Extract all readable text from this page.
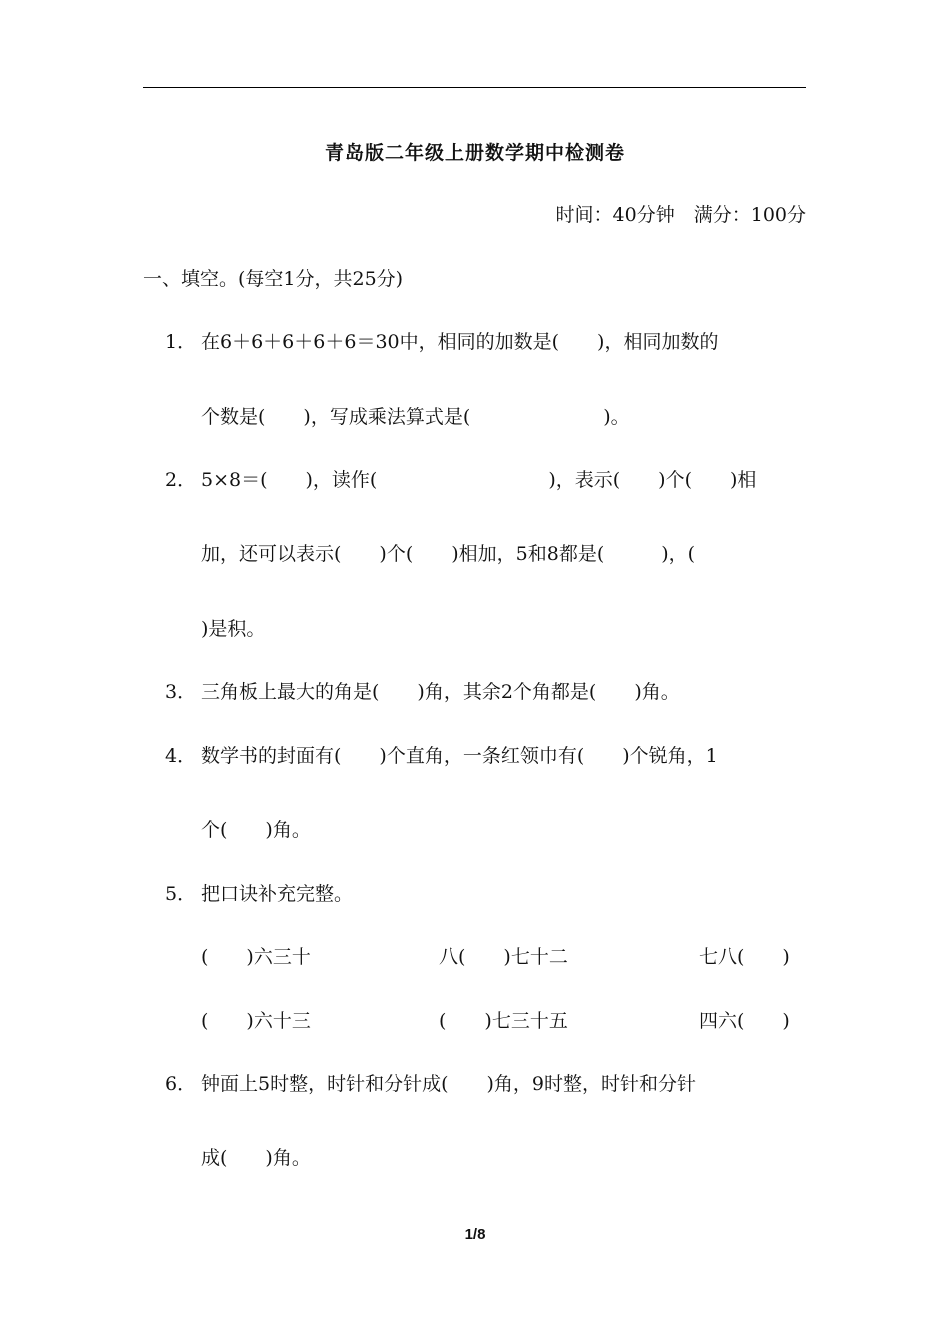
青岛版二年级上册数学期中检测卷
时间：40分钟　满分：100分
一、填空。(每空1分，共25分)
1． 在6＋6＋6＋6＋6＝30中，相同的加数是(　　)，相同加数的
个数是(　　)，写成乘法算式是(　　　　　　　)。
2． 5×8＝(　　)，读作(　　　　　　　　　)，表示(　　)个(　　)相
加，还可以表示(　　)个(　　)相加，5和8都是(　　　)，(
)是积。
3． 三角板上最大的角是(　　)角，其余2个角都是(　　)角。
4． 数学书的封面有(　　)个直角，一条红领巾有(　　)个锐角，1
个(　　)角。
5． 把口诀补充完整。
(　　)六三十	八(　　)七十二	七八(　　)
(　　)六十三	(　　)七三十五	四六(　　)
6． 钟面上5时整，时针和分针成(　　)角，9时整，时针和分针
成(　　)角。
1/8
